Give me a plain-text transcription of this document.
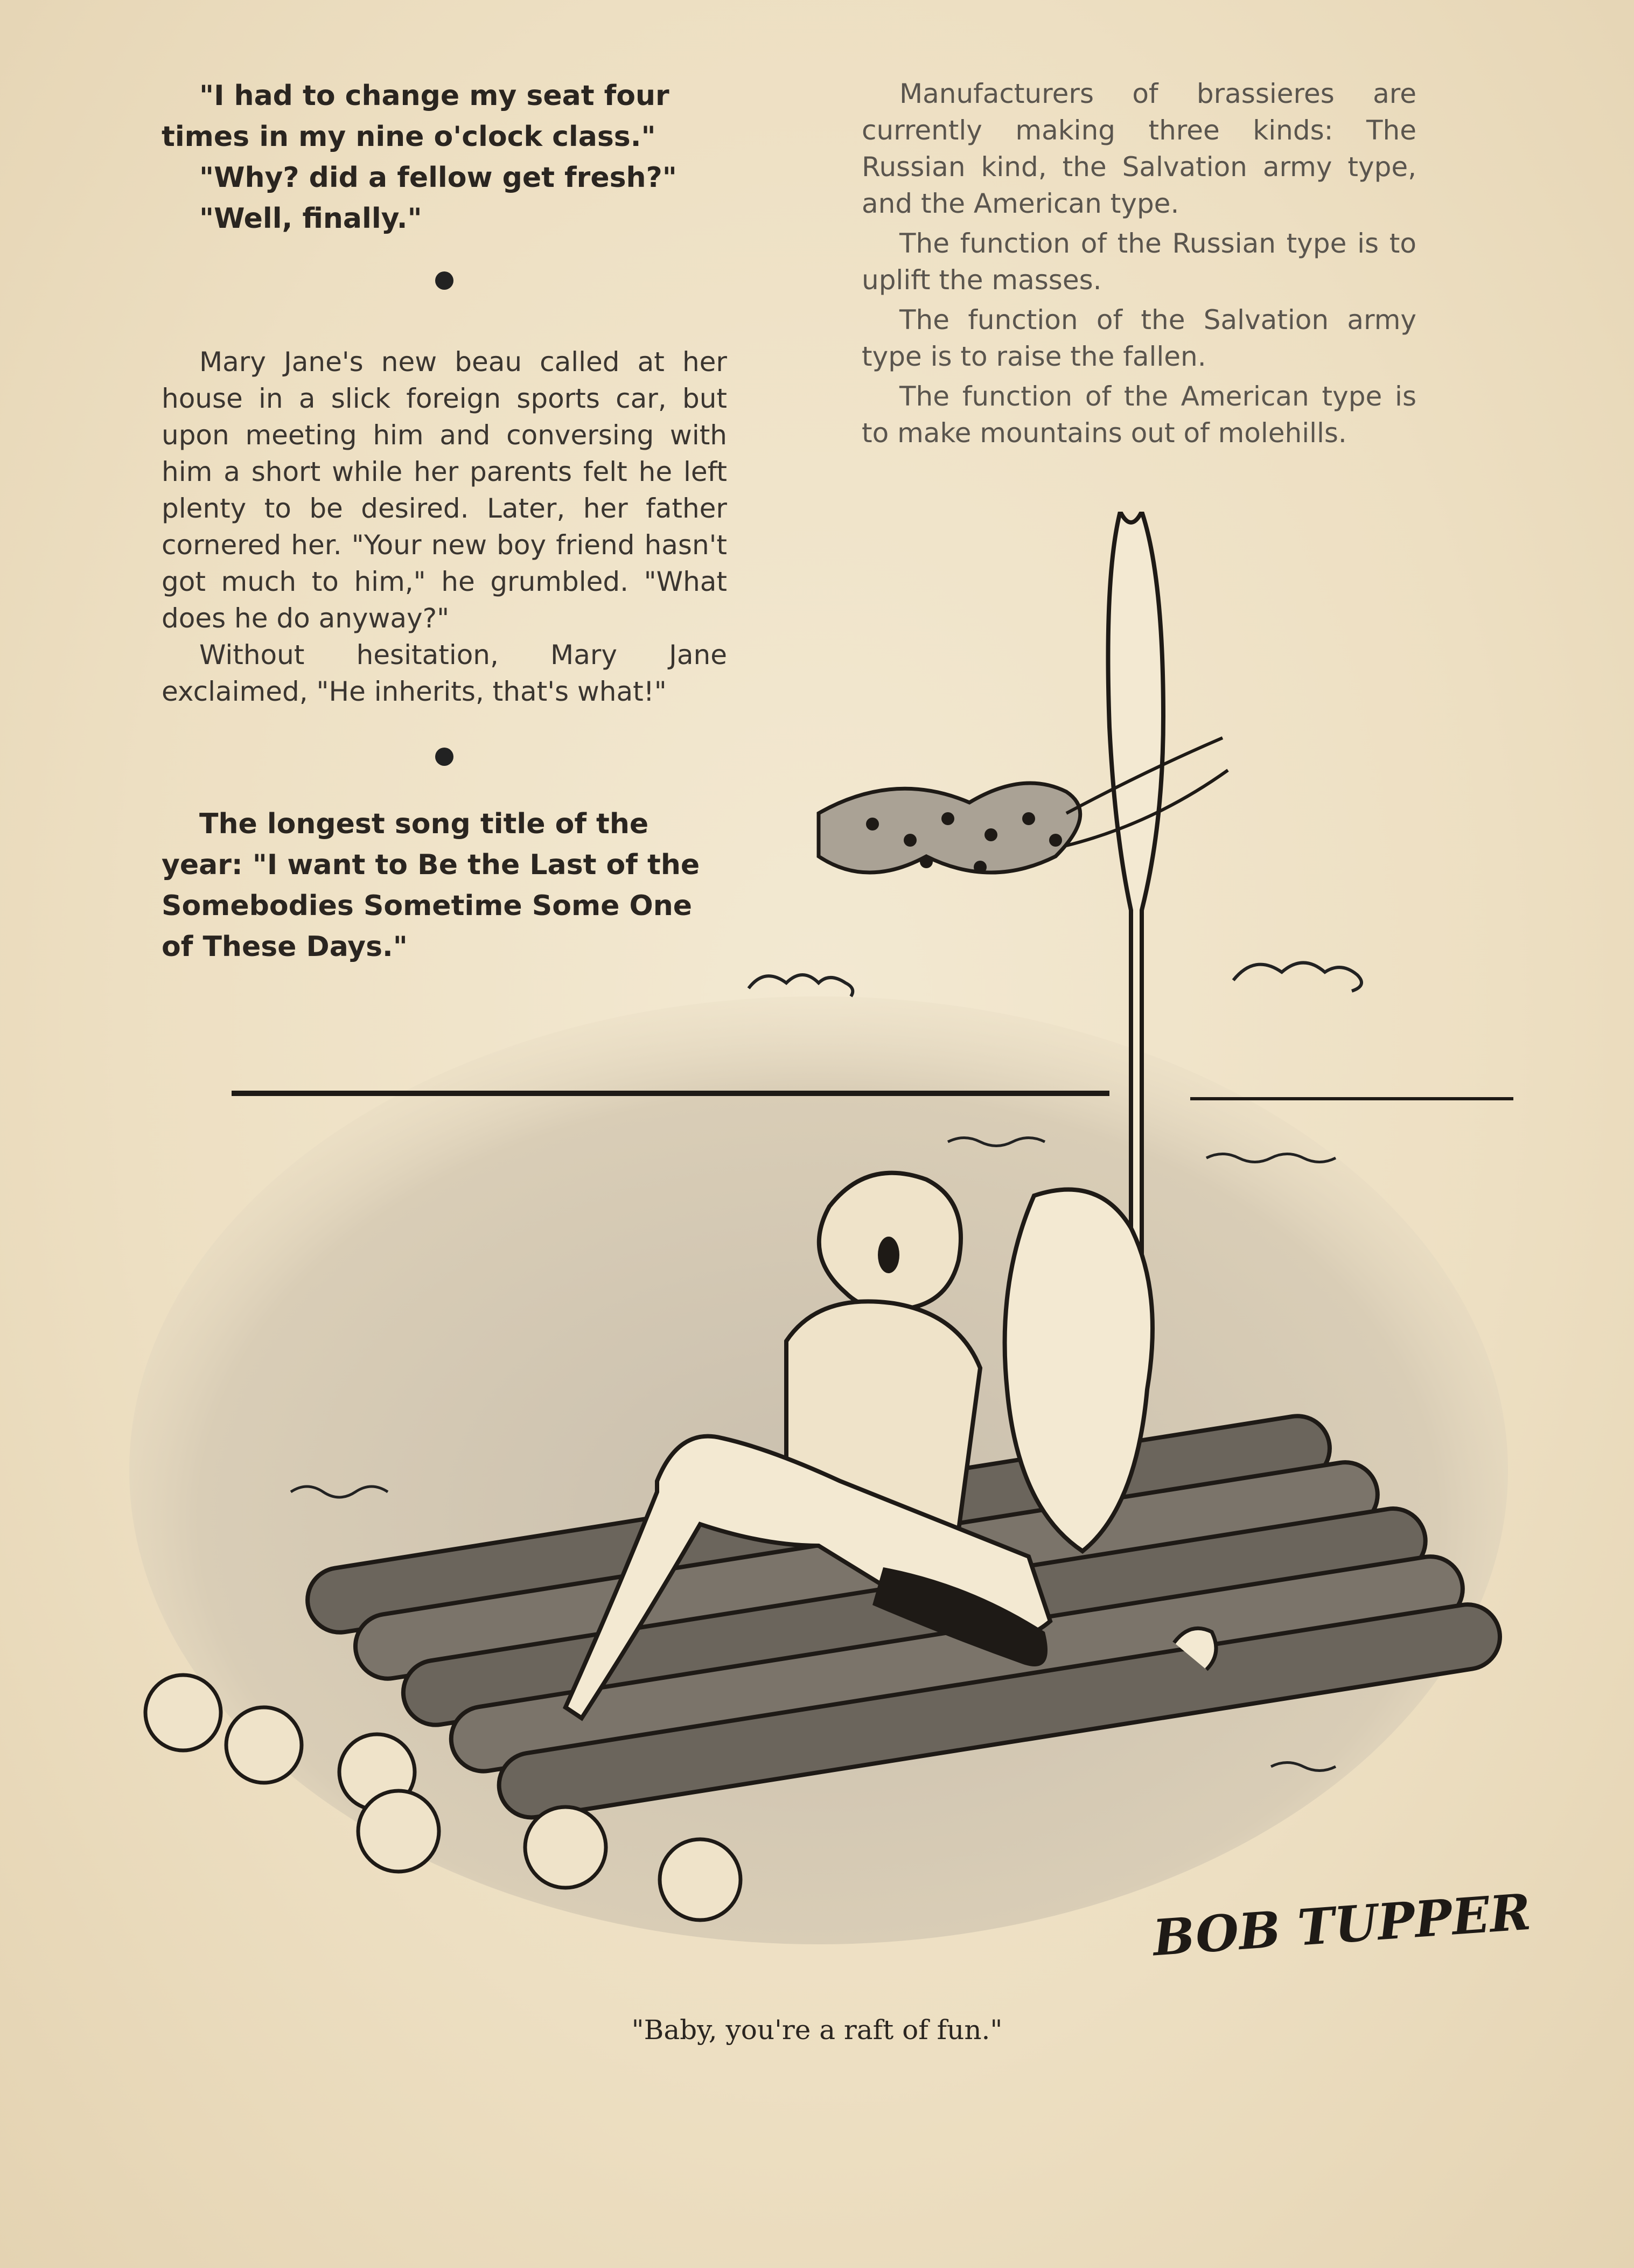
"I had to change my seat four times in my nine o'clock class."

"Why? did a fellow get fresh?"

"Well, finally."

Mary Jane's new beau called at her house in a slick foreign sports car, but upon meeting him and conversing with him a short while her parents felt he left plenty to be desired. Later, her father cornered her. "Your new boy friend hasn't got much to him," he grumbled. "What does he do anyway?"

Without hesitation, Mary Jane exclaimed, "He inherits, that's what!"

The longest song title of the year: "I want to Be the Last of the Somebodies Sometime Some One of These Days."

Manufacturers of brassieres are currently making three kinds: The Russian kind, the Salvation army type, and the American type.

The function of the Russian type is to uplift the masses.

The function of the Salvation army type is to raise the fallen.

The function of the American type is to make mountains out of molehills.

BOB TUPPER
"Baby, you're a raft of fun."
